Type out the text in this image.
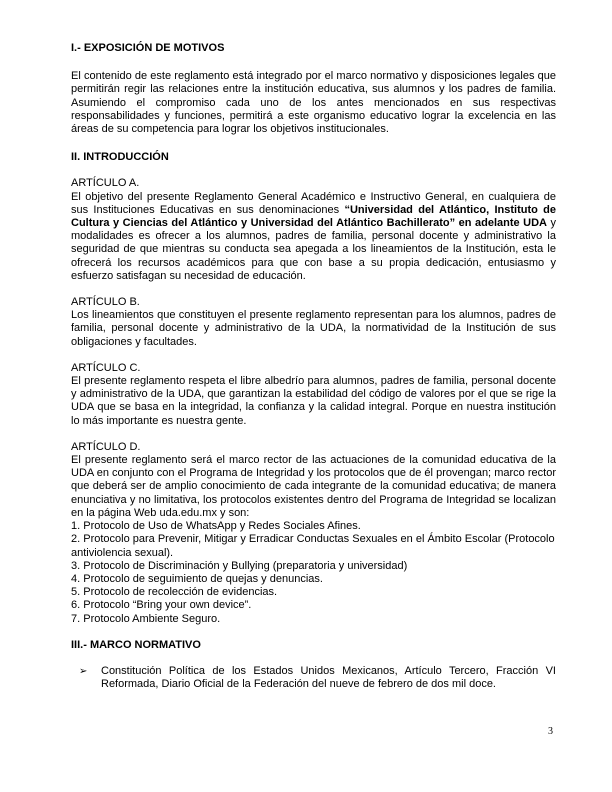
I.- EXPOSICIÓN DE MOTIVOS

El contenido de este reglamento está integrado por el marco normativo y disposiciones legales que permitirán regir las relaciones entre la institución educativa, sus alumnos y los padres de familia. Asumiendo el compromiso cada uno de los antes mencionados en sus respectivas responsabilidades y funciones, permitirá a este organismo educativo lograr la excelencia en las áreas de su competencia para lograr los objetivos institucionales.

II. INTRODUCCIÓN

ARTÍCULO A.

El objetivo del presente Reglamento General Académico e Instructivo General, en cualquiera de sus Instituciones Educativas en sus denominaciones “Universidad del Atlántico, Instituto de Cultura y Ciencias del Atlántico y Universidad del Atlántico Bachillerato” en adelante UDA y modalidades es ofrecer a los alumnos, padres de familia, personal docente y administrativo la seguridad de que mientras su conducta sea apegada a los lineamientos de la Institución, esta le ofrecerá los recursos académicos para que con base a su propia dedicación, entusiasmo y esfuerzo satisfagan su necesidad de educación.

ARTÍCULO B.

Los lineamientos que constituyen el presente reglamento representan para los alumnos, padres de familia, personal docente y administrativo de la UDA, la normatividad de la Institución de sus obligaciones y facultades.

ARTÍCULO C.

El presente reglamento respeta el libre albedrío para alumnos, padres de familia, personal docente y administrativo de la UDA, que garantizan la estabilidad del código de valores por el que se rige la UDA que se basa en la integridad, la confianza y la calidad integral. Porque en nuestra institución lo más importante es nuestra gente.

ARTÍCULO D.

El presente reglamento será el marco rector de las actuaciones de la comunidad educativa de la UDA en conjunto con el Programa de Integridad y los protocolos que de él provengan; marco rector que deberá ser de amplio conocimiento de cada integrante de la comunidad educativa; de manera enunciativa y no limitativa, los protocolos existentes dentro del Programa de Integridad se localizan en la página Web uda.edu.mx y son:

1. Protocolo de Uso de WhatsApp y Redes Sociales Afines.

2. Protocolo para Prevenir, Mitigar y Erradicar Conductas Sexuales en el Ámbito Escolar (Protocolo antiviolencia sexual).

3. Protocolo de Discriminación y Bullying (preparatoria y universidad)

4. Protocolo de seguimiento de quejas y denuncias.

5. Protocolo de recolección de evidencias.

6. Protocolo “Bring your own device”.

7. Protocolo Ambiente Seguro.

III.- MARCO NORMATIVO

➢	Constitución Política de los Estados Unidos Mexicanos, Artículo Tercero, Fracción VI Reformada, Diario Oficial de la Federación del nueve de febrero de dos mil doce.
3
